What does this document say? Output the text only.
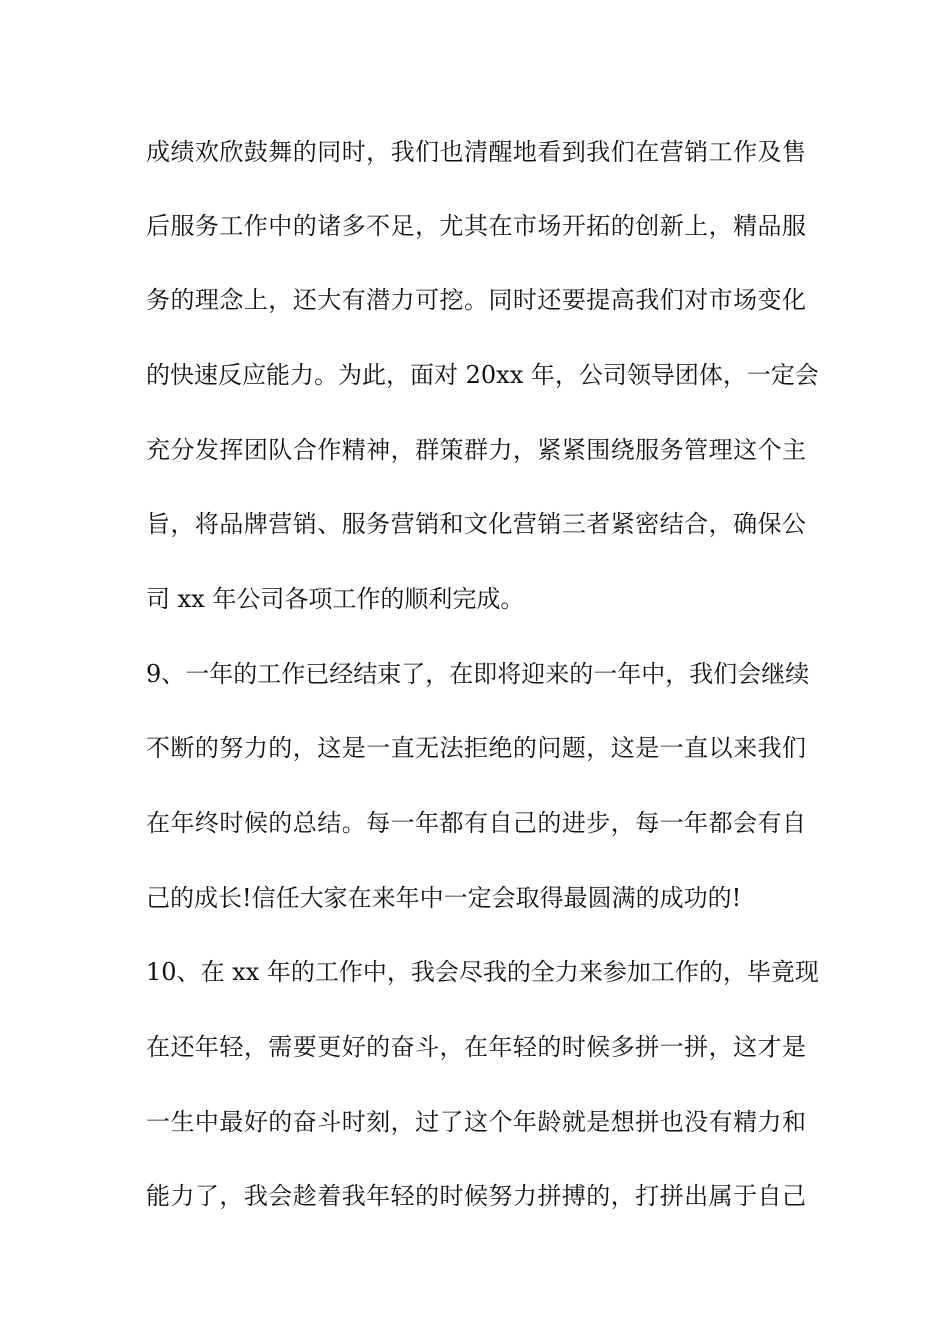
成绩欢欣鼓舞的同时，我们也清醒地看到我们在营销工作及售
后服务工作中的诸多不足，尤其在市场开拓的创新上，精品服
务的理念上，还大有潜力可挖。同时还要提高我们对市场变化
的快速反应能力。为此，面对 20xx 年，公司领导团体，一定会
充分发挥团队合作精神，群策群力，紧紧围绕服务管理这个主
旨，将品牌营销、服务营销和文化营销三者紧密结合，确保公
司 xx 年公司各项工作的顺利完成。
9、一年的工作已经结束了，在即将迎来的一年中，我们会继续
不断的努力的，这是一直无法拒绝的问题，这是一直以来我们
在年终时候的总结。每一年都有自己的进步，每一年都会有自
己的成长!信任大家在来年中一定会取得最圆满的成功的!
10、在 xx 年的工作中，我会尽我的全力来参加工作的，毕竟现
在还年轻，需要更好的奋斗，在年轻的时候多拼一拼，这才是
一生中最好的奋斗时刻，过了这个年龄就是想拼也没有精力和
能力了，我会趁着我年轻的时候努力拼搏的，打拼出属于自己
